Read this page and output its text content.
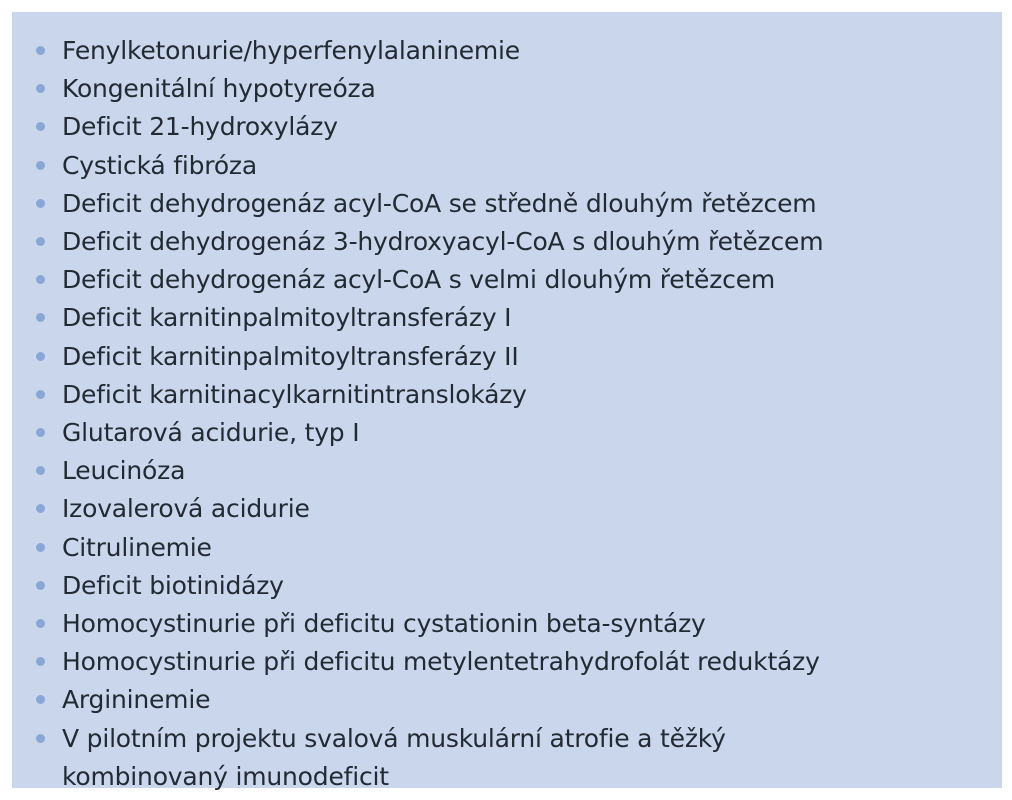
Fenylketonurie/hyperfenylalaninemie
Kongenitální hypotyreóza
Deficit 21-hydroxylázy
Cystická fibróza
Deficit dehydrogenáz acyl-CoA se středně dlouhým řetězcem
Deficit dehydrogenáz 3-hydroxyacyl-CoA s dlouhým řetězcem
Deficit dehydrogenáz acyl-CoA s velmi dlouhým řetězcem
Deficit karnitinpalmitoyltransferázy I
Deficit karnitinpalmitoyltransferázy II
Deficit karnitinacylkarnitintranslokázy
Glutarová acidurie, typ I
Leucinóza
Izovalerová acidurie
Citrulinemie
Deficit biotinidázy
Homocystinurie při deficitu cystationin beta-syntázy
Homocystinurie při deficitu metylentetrahydrofolát reduktázy
Argininemie
V pilotním projektu svalová muskulární atrofie a těžký kombinovaný imunodeficit
